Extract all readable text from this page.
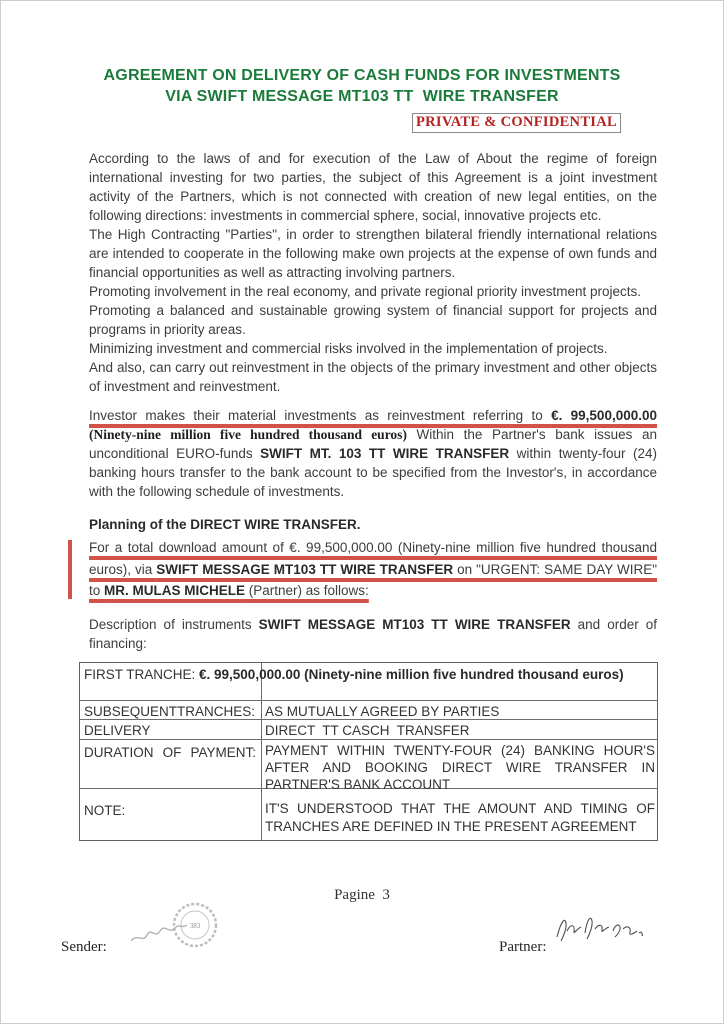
AGREEMENT ON DELIVERY OF CASH FUNDS FOR INVESTMENTS
VIA SWIFT MESSAGE MT103 TT  WIRE TRANSFER
PRIVATE & CONFIDENTIAL

According to the laws of and for execution of the Law of About the regime of foreign international investing for two parties, the subject of this Agreement is a joint investment activity of the Partners, which is not connected with creation of new legal entities, on the following directions: investments in commercial sphere, social, innovative projects etc.

The High Contracting "Parties", in order to strengthen bilateral friendly international relations are intended to cooperate in the following make own projects at the expense of own funds and financial opportunities as well as attracting involving partners.

Promoting involvement in the real economy, and private regional priority investment projects.

Promoting a balanced and sustainable growing system of financial support for projects and programs in priority areas.

Minimizing investment and commercial risks involved in the implementation of projects.

And also, can carry out reinvestment in the objects of the primary investment and other objects of investment and reinvestment.

Investor makes their material investments as reinvestment referring to €. 99,500,000.00 (Ninety-nine million five hundred thousand euros) Within the Partner's bank issues an unconditional EURO-funds SWIFT MT. 103 TT WIRE TRANSFER within twenty-four (24) banking hours transfer to the bank account to be specified from the Investor's, in accordance with the following schedule of investments.

Planning of the DIRECT WIRE TRANSFER.

For a total download amount of €. 99,500,000.00 (Ninety-nine million five hundred thousand euros), via SWIFT MESSAGE MT103 TT WIRE TRANSFER on "URGENT: SAME DAY WIRE" to MR. MULAS MICHELE (Partner) as follows:

Description of instruments SWIFT MESSAGE MT103 TT WIRE TRANSFER and order of financing:

FIRST TRANCHE: €. 99,500,000.00 (Ninety-nine million five hundred thousand euros)
SUBSEQUENTTRANCHES: AS MUTUALLY AGREED BY PARTIES
DELIVERY	DIRECT  TT CASCH  TRANSFER
DURATION OF PAYMENT: PAYMENT WITHIN TWENTY-FOUR (24) BANKING HOUR'S AFTER AND BOOKING DIRECT WIRE TRANSFER IN PARTNER'S BANK ACCOUNT
NOTE:	IT'S UNDERSTOOD THAT THE AMOUNT AND TIMING OF TRANCHES ARE DEFINED IN THE PRESENT AGREEMENT
Pagine  3
Sender:
383
Partner:
